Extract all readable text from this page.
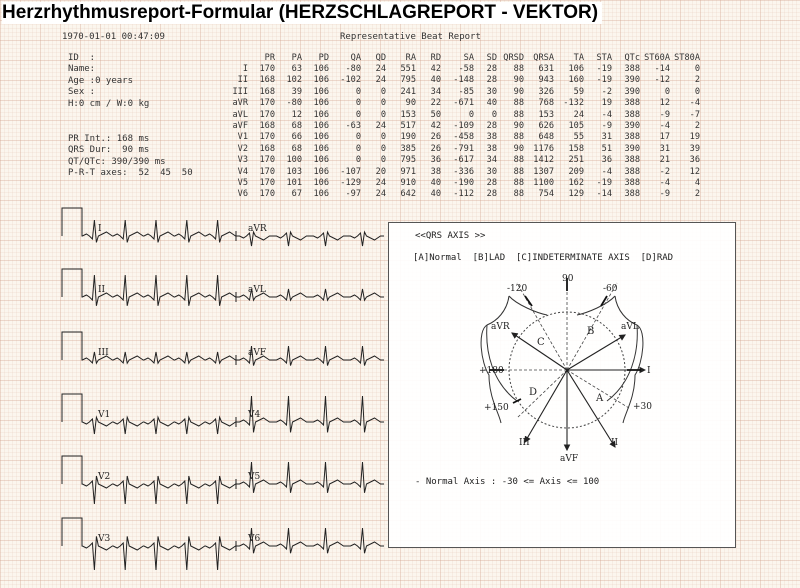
Herzrhythmusreport-Formular (HERZSCHLAGREPORT - VEKTOR)
1970-01-01 00:47:09	Representative Beat Report
ID  :
Name:
Age :0 years
Sex :
H:0 cm / W:0 kg
PR Int.: 168 ms
QRS Dur:  90 ms
QT/QTc: 390/390 ms
P-R-T axes:  52  45  50
	PR	PA	PD	QA	QD	RA	RD	SA	SD	QRSD	QRSA	TA	STA	QTc	ST60A	ST80A
I	170	63	106	-80	24	551	42	-58	28	88	631	106	-19	388	-14	0
II	168	102	106	-102	24	795	40	-148	28	90	943	160	-19	390	-12	2
III	168	39	106	0	0	241	34	-85	30	90	326	59	-2	390	0	0
aVR	170	-80	106	0	0	90	22	-671	40	88	768	-132	19	388	12	-4
aVL	170	12	106	0	0	153	50	0	0	88	153	24	-4	388	-9	-7
aVF	168	68	106	-63	24	517	42	-109	28	90	626	105	-9	390	-4	2
V1	170	66	106	0	0	190	26	-458	38	88	648	55	31	388	17	19
V2	168	68	106	0	0	385	26	-791	38	90	1176	158	51	390	31	39
V3	170	100	106	0	0	795	36	-617	34	88	1412	251	36	388	21	36
V4	170	103	106	-107	20	971	38	-336	30	88	1307	209	-4	388	-2	12
V5	170	101	106	-129	24	910	40	-190	28	88	1100	162	-19	388	-4	4
V6	170	67	106	-97	24	642	40	-112	28	88	754	129	-14	388	-9	2
I	aVR
II	aVL
III	aVF
V1	V4
V2	V5
V3	V6
<<QRS AXIS >>
[A]Normal  [B]LAD  [C]INDETERMINATE AXIS  [D]RAD
90
-120	-60
+180
+150	+30
I
aVR	aVL
II
III
aVF
A
B
C
D
- Normal Axis : -30 <= Axis <= 100
